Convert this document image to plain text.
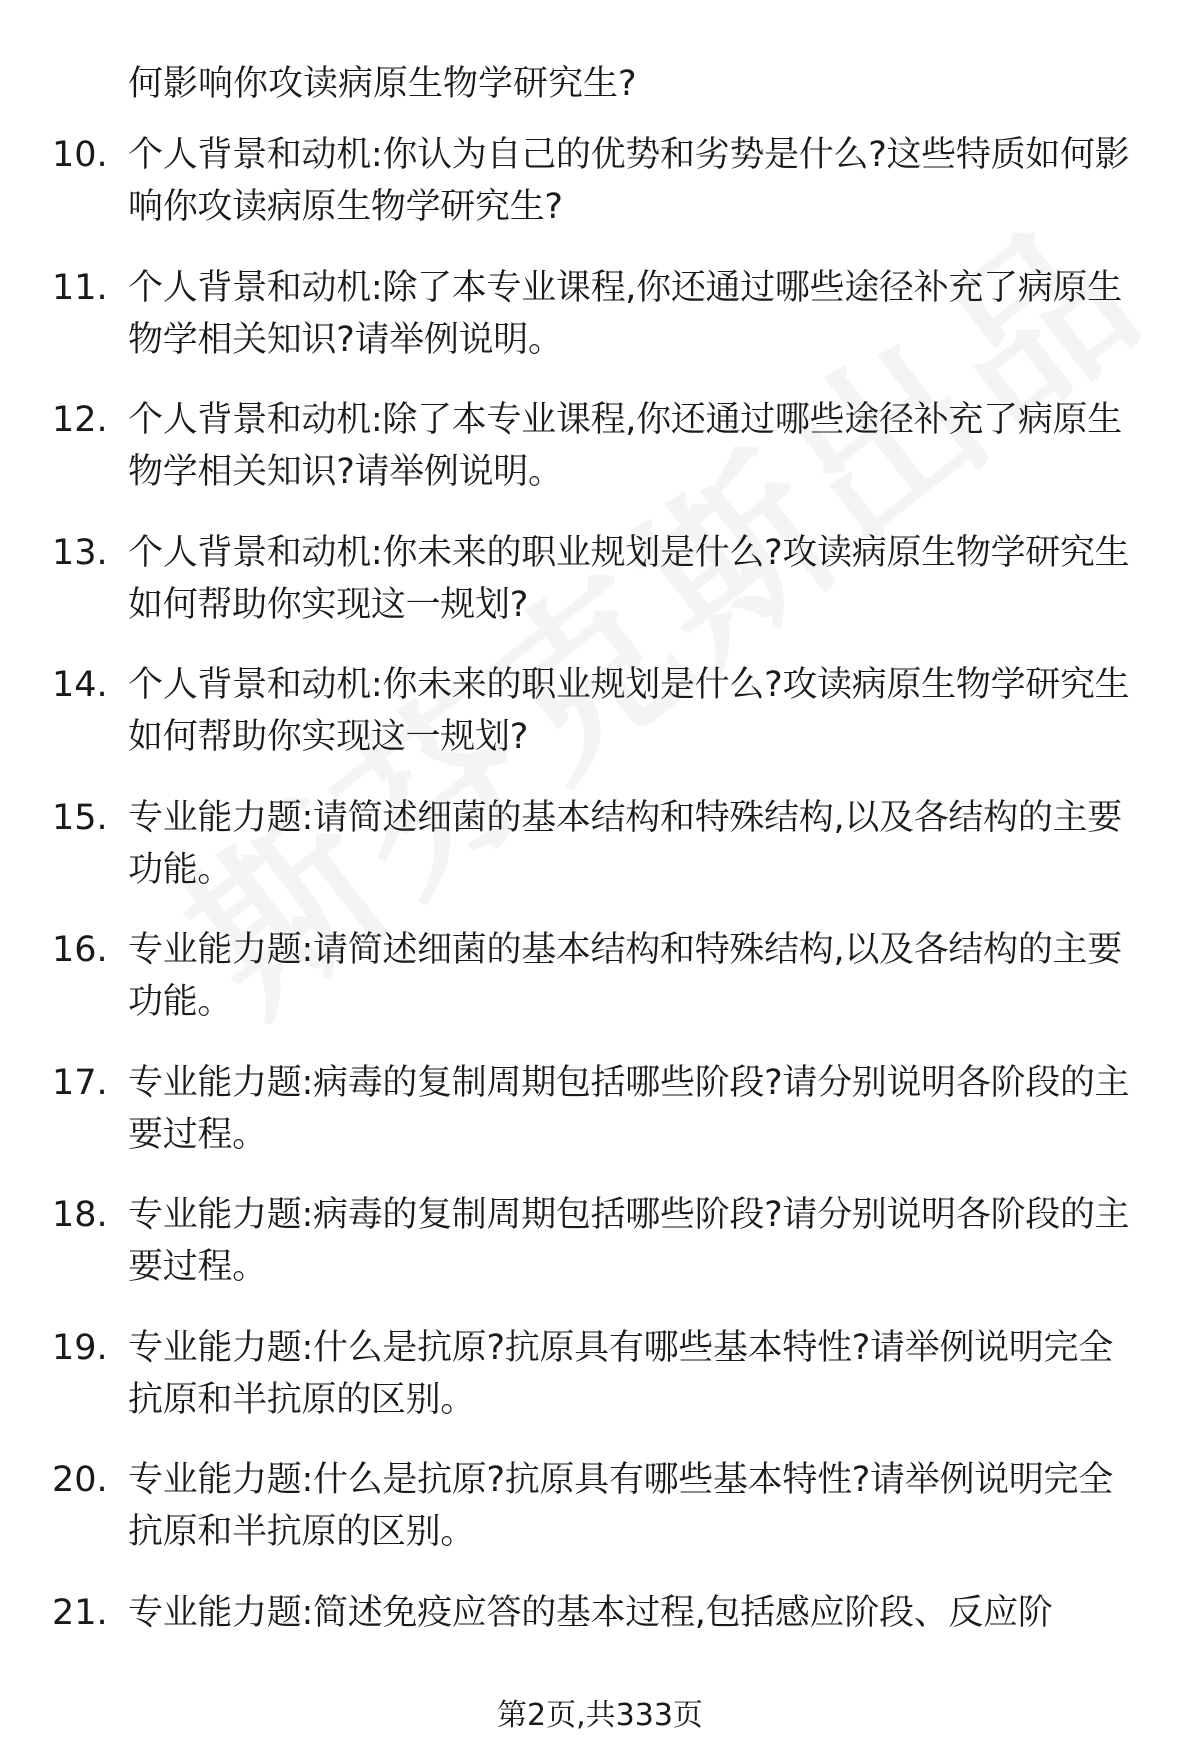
何影响你攻读病原生物学研究生?

10. 个人背景和动机:你认为自己的优势和劣势是什么?这些特质如何影响你攻读病原生物学研究生?

11. 个人背景和动机:除了本专业课程,你还通过哪些途径补充了病原生物学相关知识?请举例说明。

12. 个人背景和动机:除了本专业课程,你还通过哪些途径补充了病原生物学相关知识?请举例说明。

13. 个人背景和动机:你未来的职业规划是什么?攻读病原生物学研究生如何帮助你实现这一规划?

14. 个人背景和动机:你未来的职业规划是什么?攻读病原生物学研究生如何帮助你实现这一规划?

15. 专业能力题:请简述细菌的基本结构和特殊结构,以及各结构的主要功能。

16. 专业能力题:请简述细菌的基本结构和特殊结构,以及各结构的主要功能。

17. 专业能力题:病毒的复制周期包括哪些阶段?请分别说明各阶段的主要过程。

18. 专业能力题:病毒的复制周期包括哪些阶段?请分别说明各阶段的主要过程。

19. 专业能力题:什么是抗原?抗原具有哪些基本特性?请举例说明完全抗原和半抗原的区别。

20. 专业能力题:什么是抗原?抗原具有哪些基本特性?请举例说明完全抗原和半抗原的区别。

21. 专业能力题:简述免疫应答的基本过程,包括感应阶段、反应阶

第2页,共333页
